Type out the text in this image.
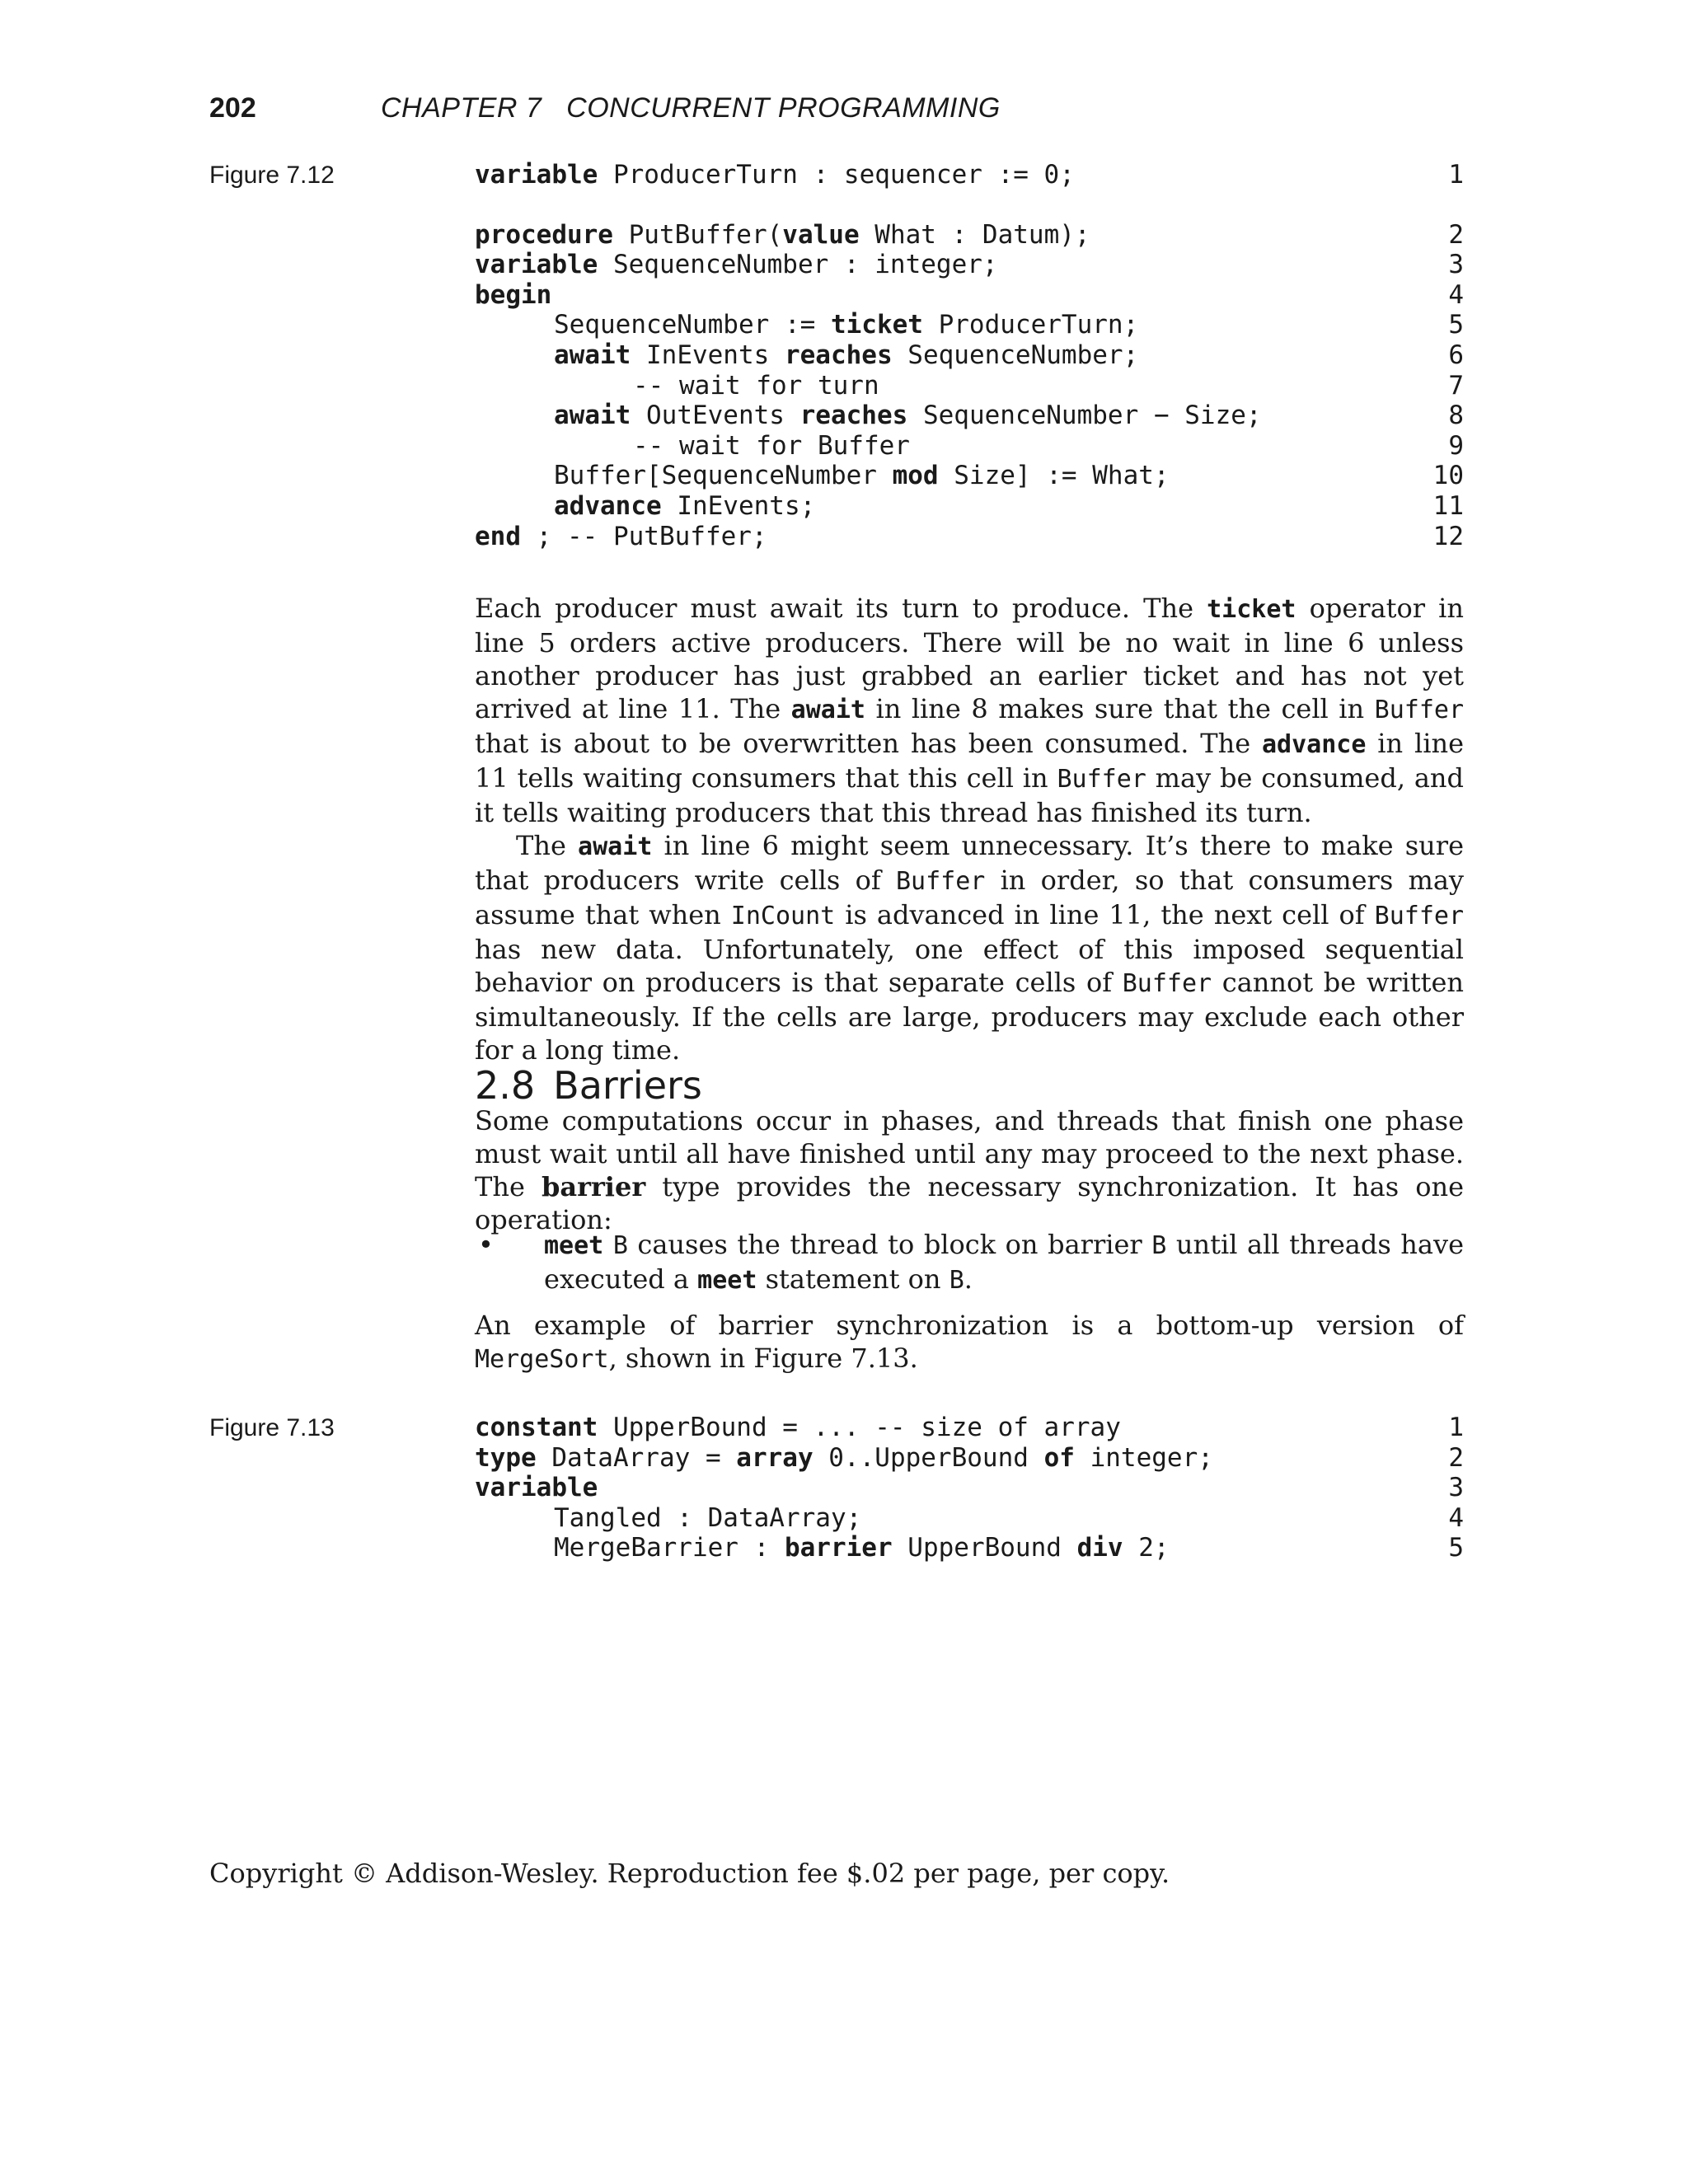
202	CHAPTER 7 CONCURRENT PROGRAMMING
Figure 7.12	variable ProducerTurn : sequencer := 0;	1
procedure PutBuffer(value What : Datum);	2
variable SequenceNumber : integer;	3
begin	4
SequenceNumber := ticket ProducerTurn;	5
await InEvents reaches SequenceNumber;	6
-- wait for turn	7
await OutEvents reaches SequenceNumber − Size;	8
-- wait for Buffer	9
Buffer[SequenceNumber mod Size] := What;	10
advance InEvents;	11
end ; -- PutBuffer;	12

Each producer must await its turn to produce. The ticket operator in line 5 orders active producers. There will be no wait in line 6 unless another producer has just grabbed an earlier ticket and has not yet arrived at line 11. The await in line 8 makes sure that the cell in Buffer that is about to be overwritten has been consumed. The advance in line 11 tells waiting consumers that this cell in Buffer may be consumed, and it tells waiting producers that this thread has finished its turn.

The await in line 6 might seem unnecessary. It’s there to make sure that producers write cells of Buffer in order, so that consumers may assume that when InCount is advanced in line 11, the next cell of Buffer has new data. Unfortunately, one effect of this imposed sequential behavior on producers is that separate cells of Buffer cannot be written simultaneously. If the cells are large, producers may exclude each other for a long time.

2.8 Barriers

Some computations occur in phases, and threads that finish one phase must wait until all have finished until any may proceed to the next phase. The barrier type provides the necessary synchronization. It has one operation:

• meet B causes the thread to block on barrier B until all threads have executed a meet statement on B.

An example of barrier synchronization is a bottom-up version of MergeSort, shown in Figure 7.13.

Figure 7.13	constant UpperBound = ... -- size of array	1
type DataArray = array 0..UpperBound of integer;	2
variable	3
Tangled : DataArray;	4
MergeBarrier : barrier UpperBound div 2;	5
Copyright © Addison-Wesley. Reproduction fee $.02 per page, per copy.
